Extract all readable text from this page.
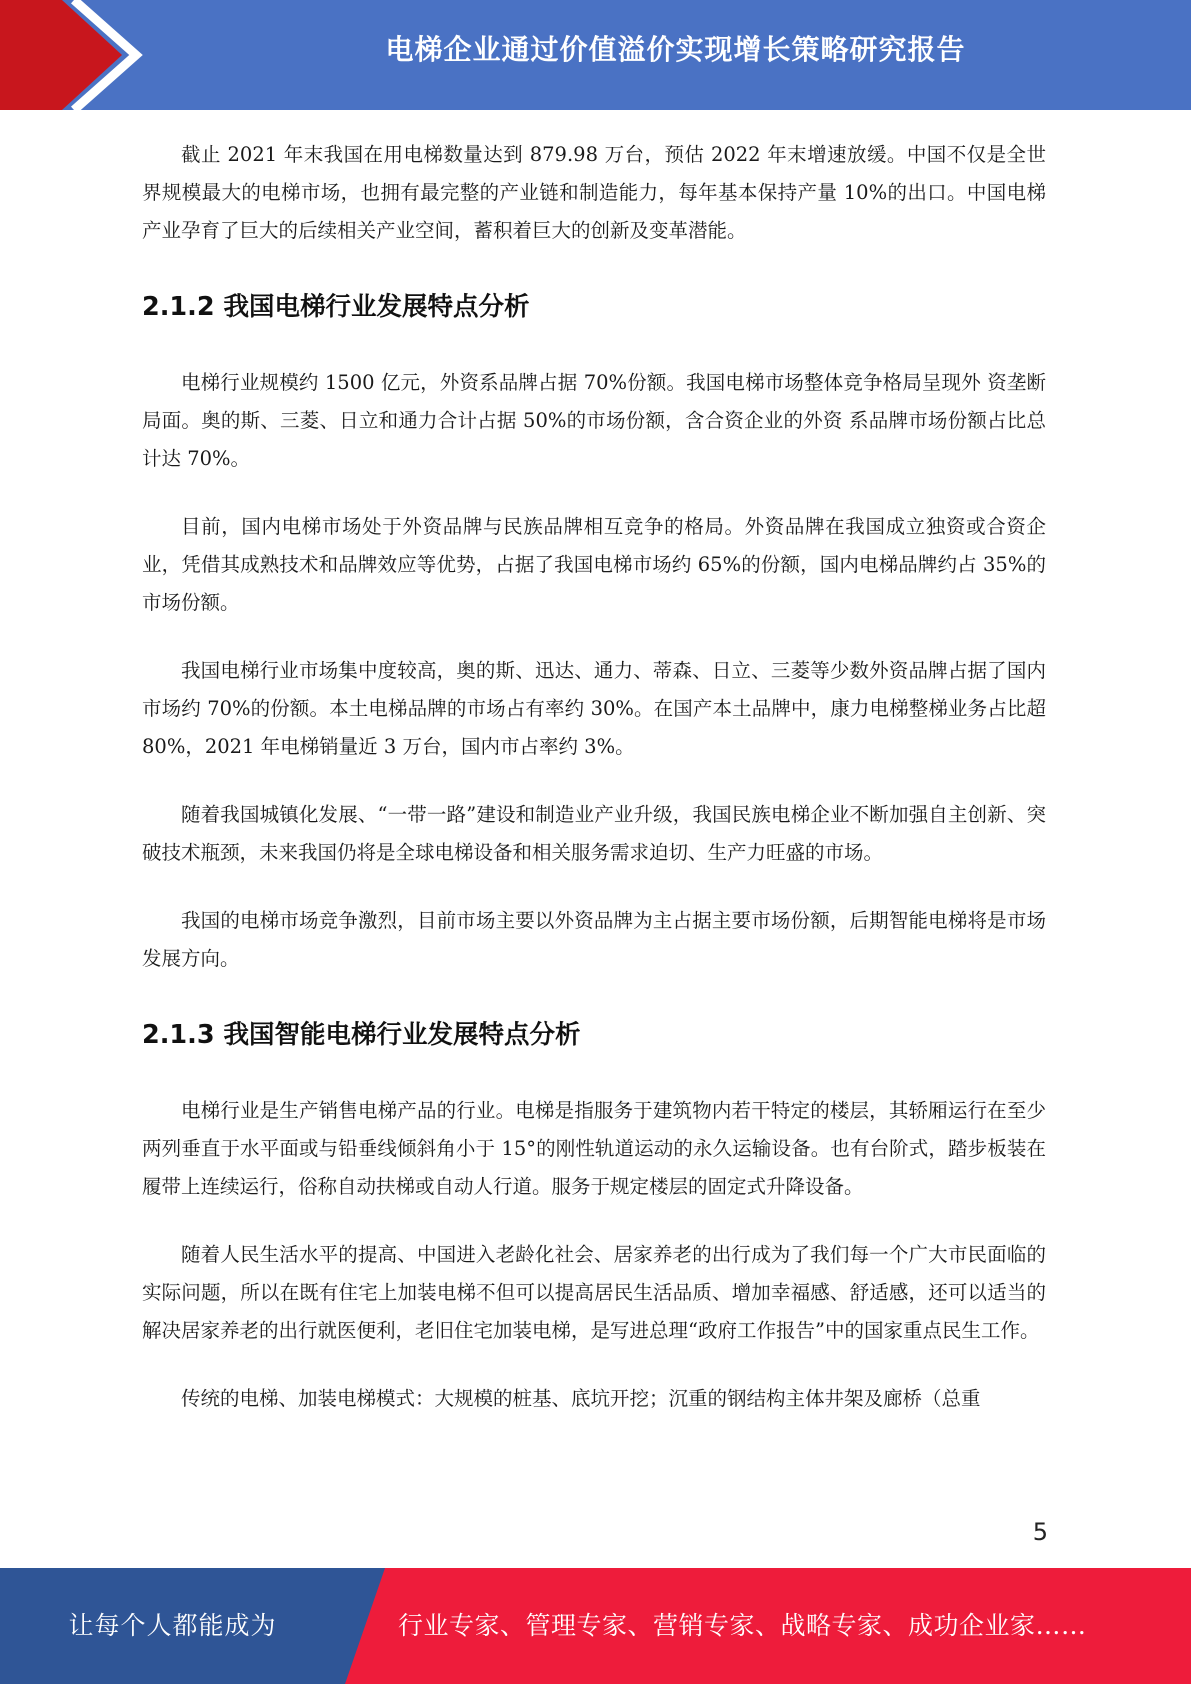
电梯企业通过价值溢价实现增长策略研究报告

截止 2021 年末我国在用电梯数量达到 879.98 万台，预估 2022 年末增速放缓。中国不仅是全世界规模最大的电梯市场，也拥有最完整的产业链和制造能力，每年基本保持产量 10%的出口。中国电梯产业孕育了巨大的后续相关产业空间，蓄积着巨大的创新及变革潜能。

2.1.2 我国电梯行业发展特点分析

电梯行业规模约 1500 亿元，外资系品牌占据 70%份额。我国电梯市场整体竞争格局呈现外 资垄断局面。奥的斯、三菱、日立和通力合计占据 50%的市场份额，含合资企业的外资 系品牌市场份额占比总计达 70%。

目前，国内电梯市场处于外资品牌与民族品牌相互竞争的格局。外资品牌在我国成立独资或合资企业，凭借其成熟技术和品牌效应等优势，占据了我国电梯市场约 65%的份额，国内电梯品牌约占 35%的市场份额。

我国电梯行业市场集中度较高，奥的斯、迅达、通力、蒂森、日立、三菱等少数外资品牌占据了国内市场约 70%的份额。本土电梯品牌的市场占有率约 30%。在国产本土品牌中，康力电梯整梯业务占比超 80%，2021 年电梯销量近 3 万台，国内市占率约 3%。

随着我国城镇化发展、“一带一路”建设和制造业产业升级，我国民族电梯企业不断加强自主创新、突破技术瓶颈，未来我国仍将是全球电梯设备和相关服务需求迫切、生产力旺盛的市场。

我国的电梯市场竞争激烈，目前市场主要以外资品牌为主占据主要市场份额，后期智能电梯将是市场发展方向。

2.1.3 我国智能电梯行业发展特点分析

电梯行业是生产销售电梯产品的行业。电梯是指服务于建筑物内若干特定的楼层，其轿厢运行在至少两列垂直于水平面或与铅垂线倾斜角小于 15°的刚性轨道运动的永久运输设备。也有台阶式，踏步板装在履带上连续运行，俗称自动扶梯或自动人行道。服务于规定楼层的固定式升降设备。

随着人民生活水平的提高、中国进入老龄化社会、居家养老的出行成为了我们每一个广大市民面临的实际问题，所以在既有住宅上加装电梯不但可以提高居民生活品质、增加幸福感、舒适感，还可以适当的解决居家养老的出行就医便利，老旧住宅加装电梯，是写进总理“政府工作报告”中的国家重点民生工作。

传统的电梯、加装电梯模式：大规模的桩基、底坑开挖；沉重的钢结构主体井架及廊桥（总重

5
让每个人都能成为	行业专家、管理专家、营销专家、战略专家、成功企业家……
